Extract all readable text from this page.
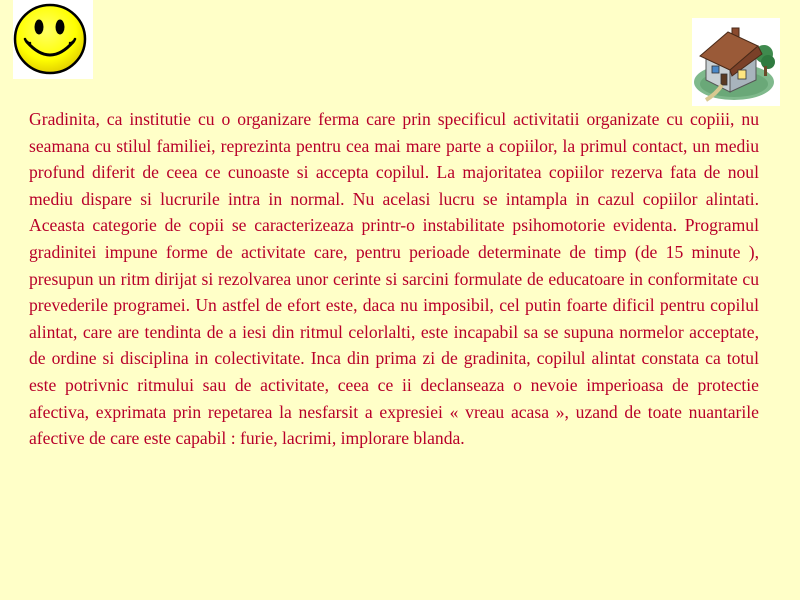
Gradinita, ca institutie cu o organizare ferma care prin specificul activitatii organizate cu copiii, nu seamana cu stilul familiei, reprezinta pentru cea mai mare parte a copiilor, la primul contact, un mediu profund diferit de ceea ce cunoaste si accepta copilul. La majoritatea copiilor rezerva fata de noul mediu dispare si lucrurile intra in normal. Nu acelasi lucru se intampla in cazul copiilor alintati. Aceasta categorie de copii se caracterizeaza printr-o instabilitate psihomotorie evidenta. Programul gradinitei impune forme de activitate care, pentru perioade determinate de timp (de 15 minute ), presupun un ritm dirijat si rezolvarea unor cerinte si sarcini formulate de educatoare in conformitate cu prevederile programei. Un astfel de efort este, daca nu imposibil, cel putin foarte dificil pentru copilul alintat, care are tendinta de a iesi din ritmul celorlalti, este incapabil sa se supuna normelor acceptate, de ordine si disciplina in colectivitate. Inca din prima zi de gradinita, copilul alintat constata ca totul este potrivnic ritmului sau de activitate, ceea ce ii declanseaza o nevoie imperioasa de protectie afectiva, exprimata prin repetarea la nesfarsit a expresiei « vreau acasa », uzand de toate nuantarile afective de care este capabil : furie, lacrimi, implorare blanda.
